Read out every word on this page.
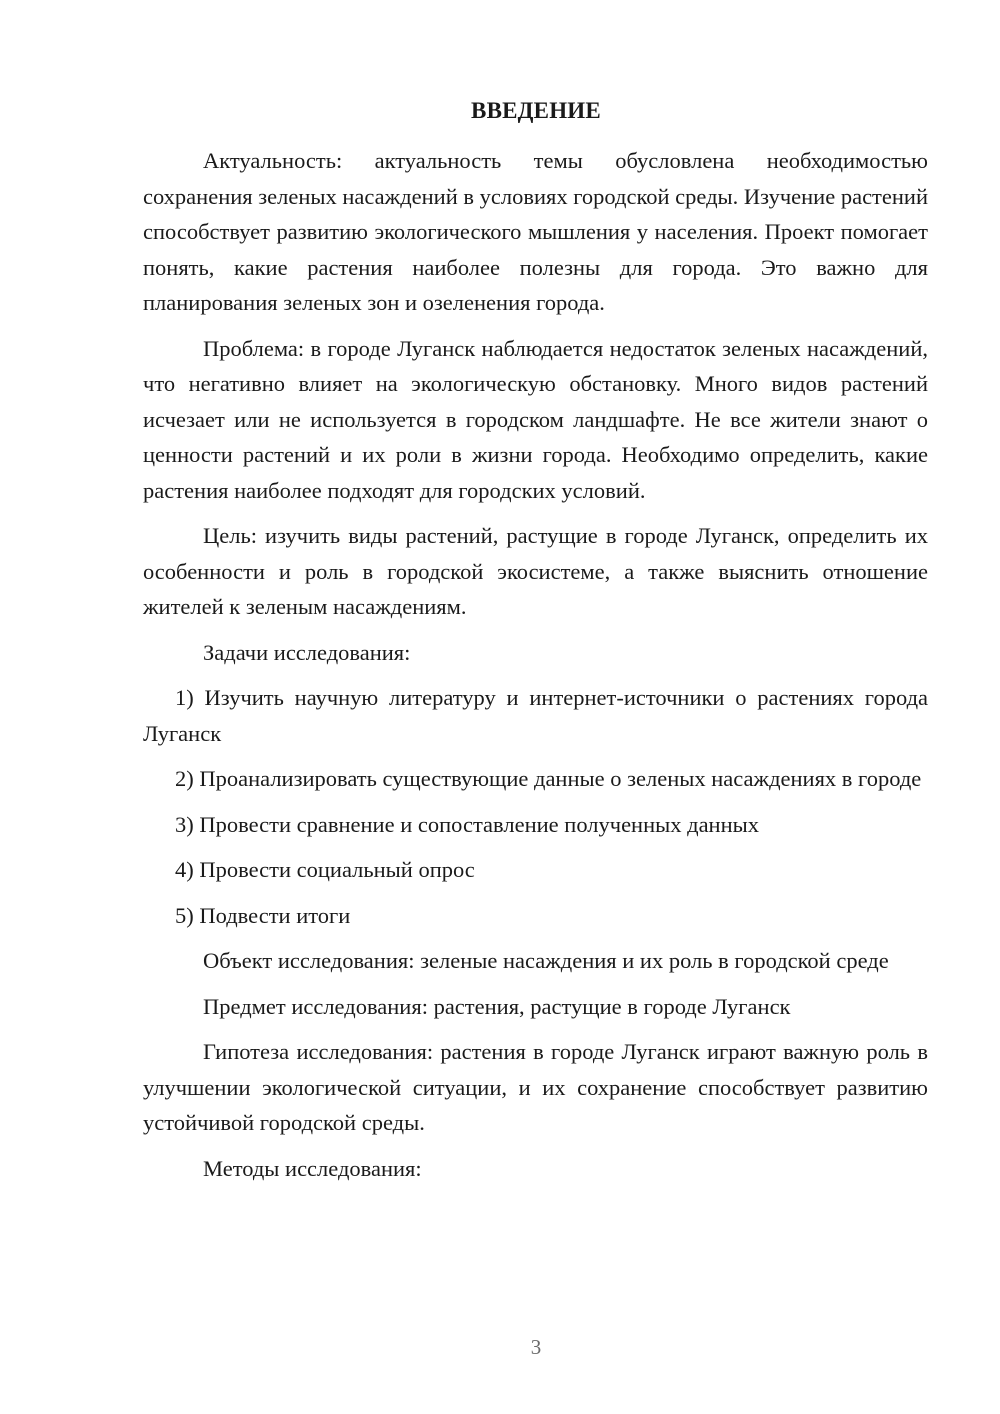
ВВЕДЕНИЕ

Актуальность: актуальность темы обусловлена необходимостью сохранения зеленых насаждений в условиях городской среды. Изучение растений способствует развитию экологического мышления у населения. Проект помогает понять, какие растения наиболее полезны для города. Это важно для планирования зеленых зон и озеленения города.

Проблема: в городе Луганск наблюдается недостаток зеленых насаждений, что негативно влияет на экологическую обстановку. Много видов растений исчезает или не используется в городском ландшафте. Не все жители знают о ценности растений и их роли в жизни города. Необходимо определить, какие растения наиболее подходят для городских условий.

Цель: изучить виды растений, растущие в городе Луганск, определить их особенности и роль в городской экосистеме, а также выяснить отношение жителей к зеленым насаждениям.

Задачи исследования:

1) Изучить научную литературу и интернет-источники о растениях города Луганск

2) Проанализировать существующие данные о зеленых насаждениях в городе

3) Провести сравнение и сопоставление полученных данных

4) Провести социальный опрос

5) Подвести итоги

Объект исследования: зеленые насаждения и их роль в городской среде

Предмет исследования: растения, растущие в городе Луганск

Гипотеза исследования: растения в городе Луганск играют важную роль в улучшении экологической ситуации, и их сохранение способствует развитию устойчивой городской среды.

Методы исследования:

3
